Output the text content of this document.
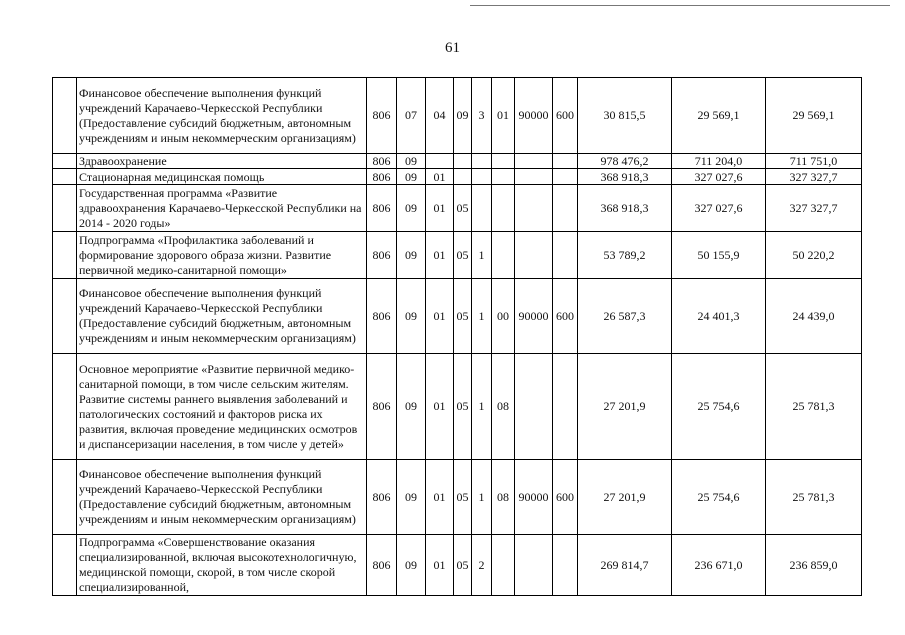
61
	Финансовое обеспечение выполнения функций учреждений Карачаево-Черкесской Республики (Предоставление субсидий бюджетным, автономным учреждениям и иным некоммерческим организациям)	806	07	04	09	3	01	90000	600	30 815,5	29 569,1	29 569,1
	Здравоохранение	806	09							978 476,2	711 204,0	711 751,0
	Стационарная медицинская помощь	806	09	01						368 918,3	327 027,6	327 327,7
	Государственная программа «Развитие здравоохранения Карачаево-Черкесской Республики на 2014 - 2020 годы»	806	09	01	05					368 918,3	327 027,6	327 327,7
	Подпрограмма «Профилактика заболеваний и формирование здорового образа жизни. Развитие первичной медико-санитарной помощи»	806	09	01	05	1				53 789,2	50 155,9	50 220,2
	Финансовое обеспечение выполнения функций учреждений Карачаево-Черкесской Республики (Предоставление субсидий бюджетным, автономным учреждениям и иным некоммерческим организациям)	806	09	01	05	1	00	90000	600	26 587,3	24 401,3	24 439,0
	Основное мероприятие «Развитие первичной медико-санитарной помощи, в том числе сельским жителям. Развитие системы раннего выявления заболеваний и патологических состояний и факторов риска их развития, включая проведение медицинских осмотров и диспансеризации населения, в том числе у детей»	806	09	01	05	1	08			27 201,9	25 754,6	25 781,3
	Финансовое обеспечение выполнения функций учреждений Карачаево-Черкесской Республики (Предоставление субсидий бюджетным, автономным учреждениям и иным некоммерческим организациям)	806	09	01	05	1	08	90000	600	27 201,9	25 754,6	25 781,3
	Подпрограмма «Совершенствование оказания специализированной, включая высокотехнологичную, медицинской помощи, скорой, в том числе скорой специализированной,	806	09	01	05	2				269 814,7	236 671,0	236 859,0
